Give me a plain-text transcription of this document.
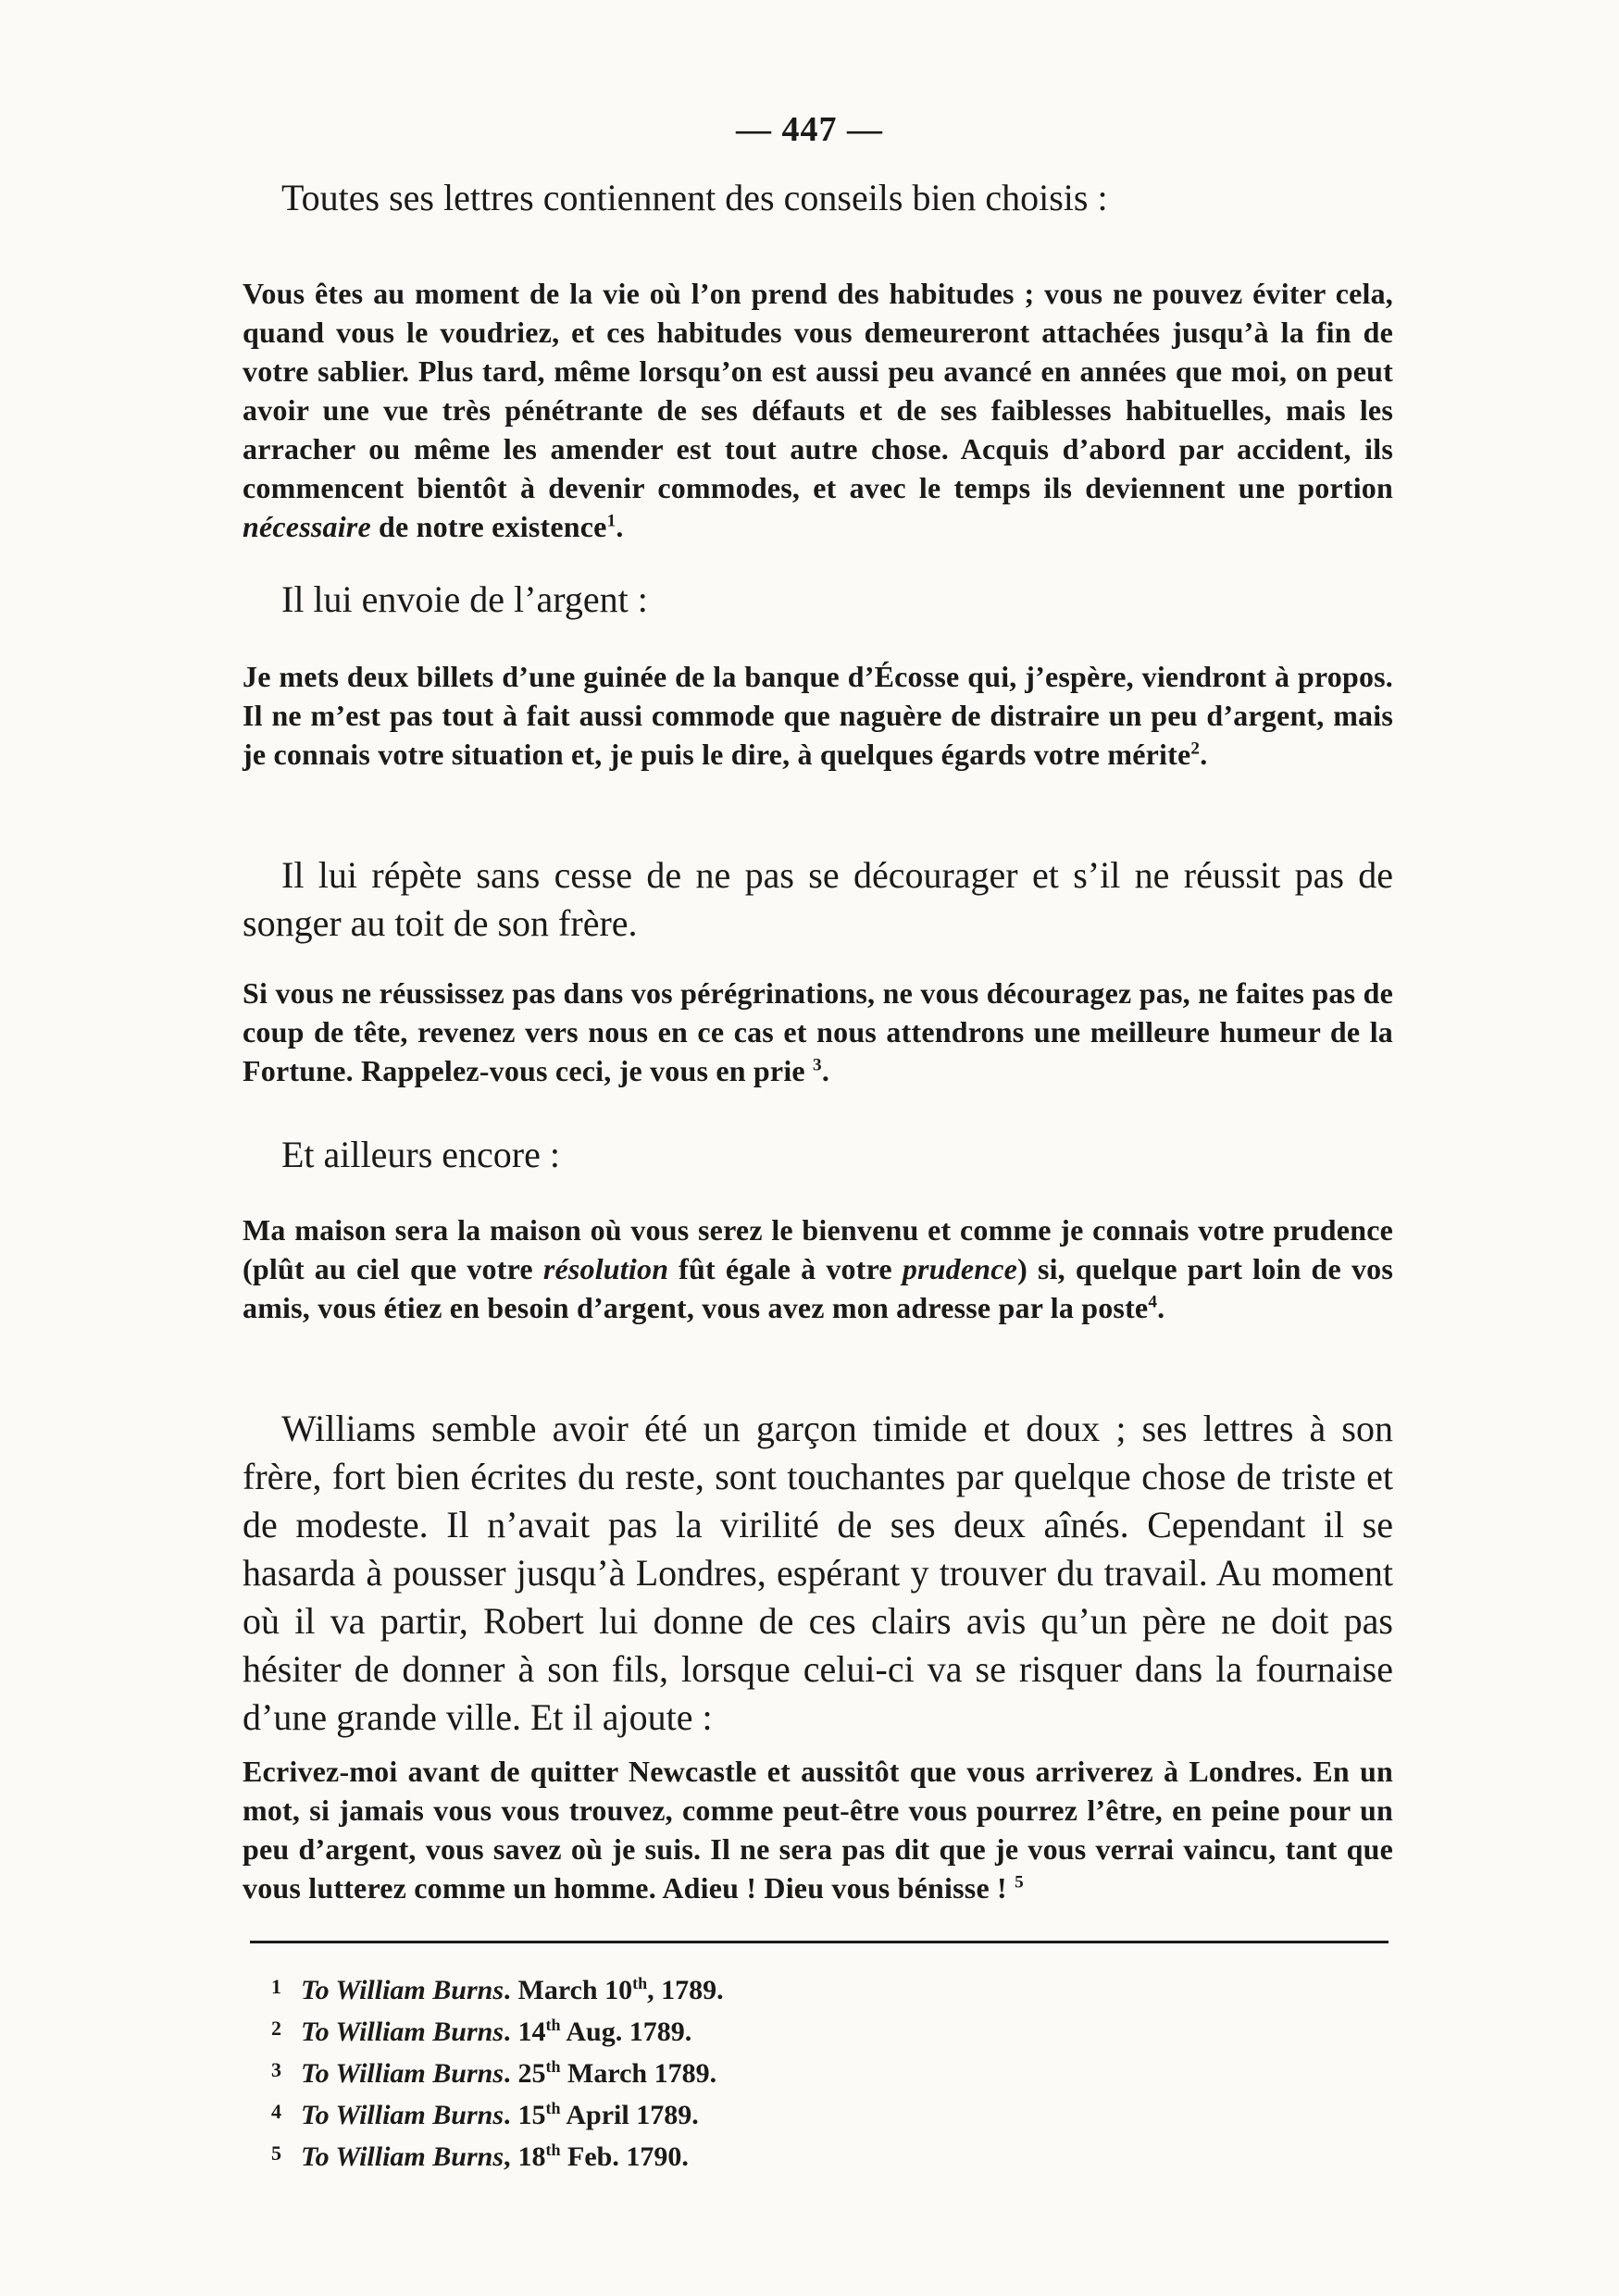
— 447 —

Toutes ses lettres contiennent des conseils bien choisis :

Vous êtes au moment de la vie où l’on prend des habitudes ; vous ne pouvez éviter cela, quand vous le voudriez, et ces habitudes vous demeureront attachées jusqu’à la fin de votre sablier. Plus tard, même lorsqu’on est aussi peu avancé en années que moi, on peut avoir une vue très pénétrante de ses défauts et de ses faiblesses habituelles, mais les arracher ou même les amender est tout autre chose. Acquis d’abord par accident, ils commencent bientôt à devenir commodes, et avec le temps ils deviennent une portion nécessaire de notre existence$^1$.

Il lui envoie de l’argent :

Je mets deux billets d’une guinée de la banque d’Écosse qui, j’espère, viendront à propos. Il ne m’est pas tout à fait aussi commode que naguère de distraire un peu d’argent, mais je connais votre situation et, je puis le dire, à quelques égards votre mérite$^2$.

Il lui répète sans cesse de ne pas se décourager et s’il ne réussit pas de songer au toit de son frère.

Si vous ne réussissez pas dans vos pérégrinations, ne vous découragez pas, ne faites pas de coup de tête, revenez vers nous en ce cas et nous attendrons une meilleure humeur de la Fortune. Rappelez-vous ceci, je vous en prie $^3$.

Et ailleurs encore :

Ma maison sera la maison où vous serez le bienvenu et comme je connais votre prudence (plût au ciel que votre résolution fût égale à votre prudence) si, quelque part loin de vos amis, vous étiez en besoin d’argent, vous avez mon adresse par la poste$^4$.

Williams semble avoir été un garçon timide et doux ; ses lettres à son frère, fort bien écrites du reste, sont touchantes par quelque chose de triste et de modeste. Il n’avait pas la virilité de ses deux aînés. Cependant il se hasarda à pousser jusqu’à Londres, espérant y trouver du travail. Au moment où il va partir, Robert lui donne de ces clairs avis qu’un père ne doit pas hésiter de donner à son fils, lorsque celui-ci va se risquer dans la fournaise d’une grande ville. Et il ajoute :

Ecrivez-moi avant de quitter Newcastle et aussitôt que vous arriverez à Londres. En un mot, si jamais vous vous trouvez, comme peut-être vous pourrez l’être, en peine pour un peu d’argent, vous savez où je suis. Il ne sera pas dit que je vous verrai vaincu, tant que vous lutterez comme un homme. Adieu ! Dieu vous bénisse ! $^5$

1 To William Burns. March 10th, 1789.
2 To William Burns. 14th Aug. 1789.
3 To William Burns. 25th March 1789.
4 To William Burns. 15th April 1789.
5 To William Burns, 18th Feb. 1790.
